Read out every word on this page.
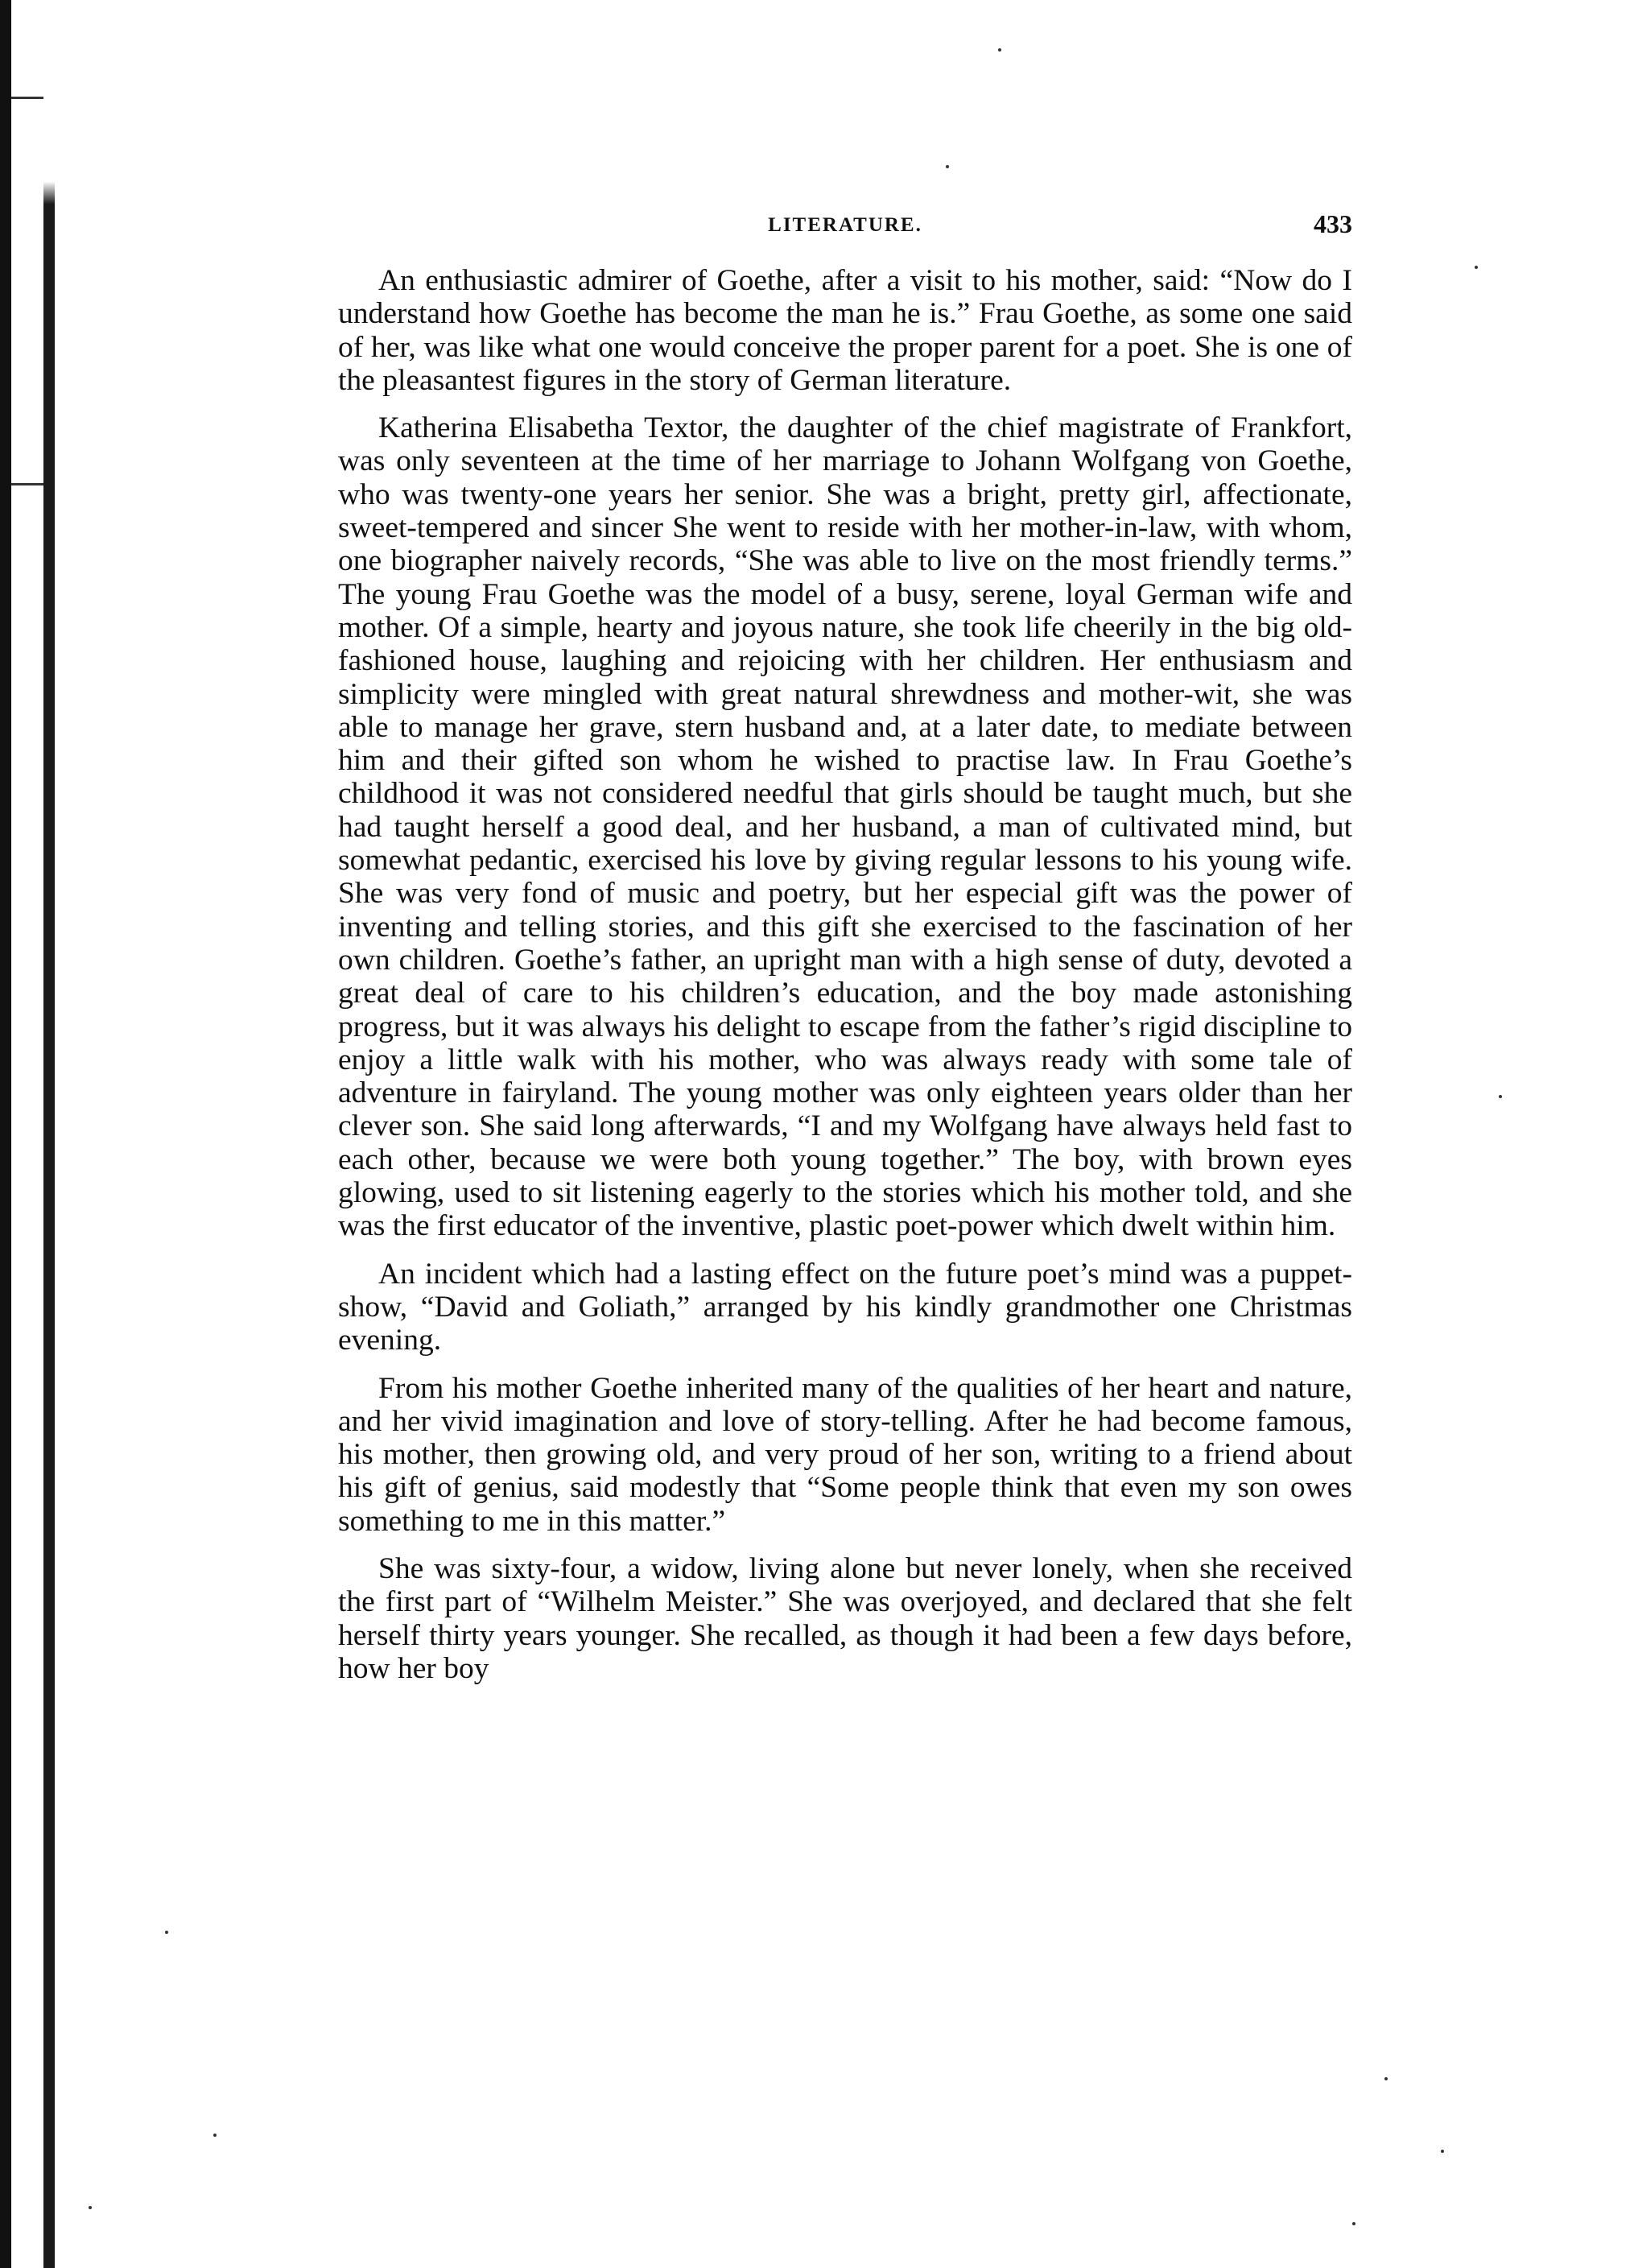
LITERATURE.	433

An enthusiastic admirer of Goethe, after a visit to his mother, said: “Now do I understand how Goethe has become the man he is.” Frau Goethe, as some one said of her, was like what one would conceive the proper parent for a poet. She is one of the pleasantest figures in the story of German literature.

Katherina Elisabetha Textor, the daughter of the chief magistrate of Frankfort, was only seventeen at the time of her marriage to Johann Wolfgang von Goethe, who was twenty-one years her senior. She was a bright, pretty girl, affectionate, sweet-tempered and sincer She went to reside with her mother-in-law, with whom, one biographer naively records, “She was able to live on the most friendly terms.” The young Frau Goethe was the model of a busy, serene, loyal German wife and mother. Of a simple, hearty and joyous nature, she took life cheerily in the big old-fashioned house, laughing and rejoicing with her children. Her enthusiasm and simplicity were mingled with great natural shrewdness and mother-wit, she was able to manage her grave, stern husband and, at a later date, to mediate between him and their gifted son whom he wished to practise law. In Frau Goethe’s childhood it was not considered needful that girls should be taught much, but she had taught herself a good deal, and her husband, a man of cultivated mind, but somewhat pedantic, exercised his love by giving regular lessons to his young wife. She was very fond of music and poetry, but her especial gift was the power of inventing and telling stories, and this gift she exercised to the fascination of her own children. Goethe’s father, an upright man with a high sense of duty, devoted a great deal of care to his children’s education, and the boy made astonishing progress, but it was always his delight to escape from the father’s rigid discipline to enjoy a little walk with his mother, who was always ready with some tale of adventure in fairyland. The young mother was only eighteen years older than her clever son. She said long afterwards, “I and my Wolfgang have always held fast to each other, because we were both young together.” The boy, with brown eyes glowing, used to sit listening eagerly to the stories which his mother told, and she was the first educator of the inventive, plastic poet-power which dwelt within him.

An incident which had a lasting effect on the future poet’s mind was a puppet-show, “David and Goliath,” arranged by his kindly grandmother one Christmas evening.

From his mother Goethe inherited many of the qualities of her heart and nature, and her vivid imagination and love of story-telling. After he had become famous, his mother, then growing old, and very proud of her son, writing to a friend about his gift of genius, said modestly that “Some people think that even my son owes something to me in this matter.”

She was sixty-four, a widow, living alone but never lonely, when she received the first part of “Wilhelm Meister.” She was overjoyed, and declared that she felt herself thirty years younger. She recalled, as though it had been a few days before, how her boy
